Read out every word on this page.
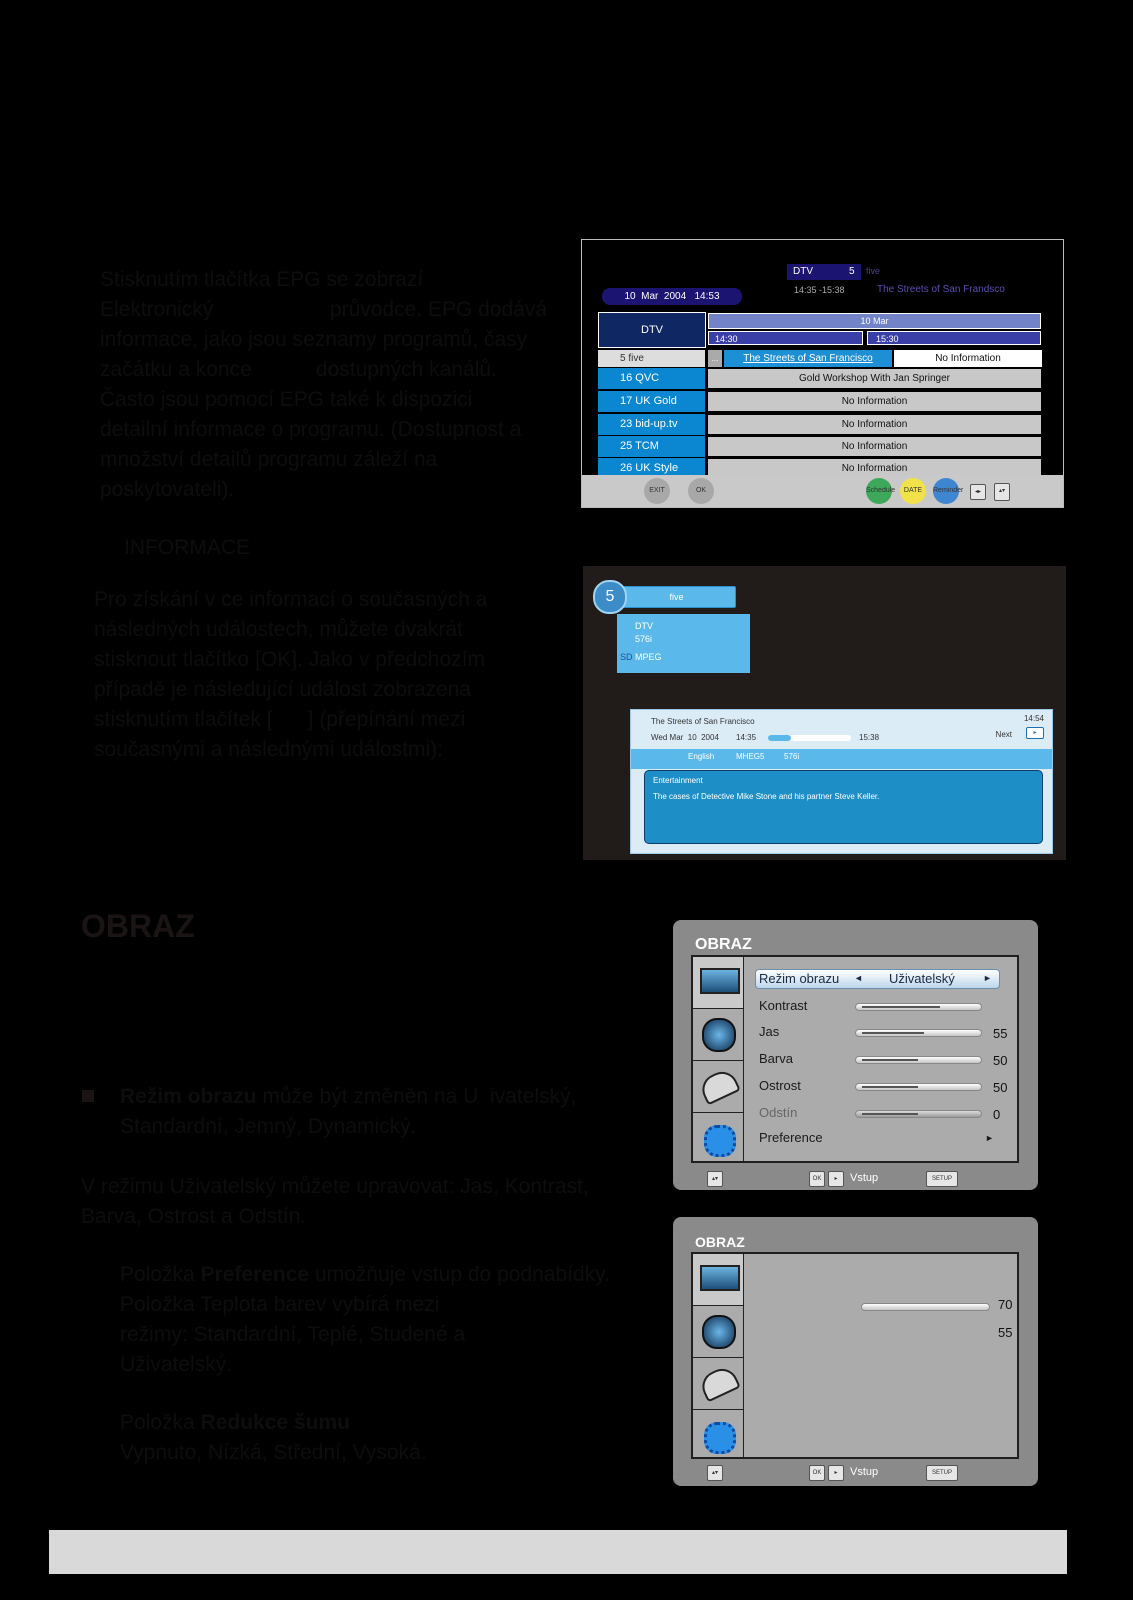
Stisknutím tlačítka EPG se zobrazí
Elektronický                    průvodce. EPG dodává
informace, jako jsou seznamy programů, časy
začátku a konce           dostupných kanálů.
Často jsou pomocí EPG také k dispozici
detailní informace o programu. (Dostupnost a
množství detailů programu záleží na
poskytovateli).
DTV	5 five
14:35 -15:38	The Streets of San Frandsco
10  Mar  2004   14:53
DTV
10 Mar
14:30	15:30
5 five	...	The Streets of San Francisco	No Information
16 QVC	Gold Workshop With Jan Springer
17 UK Gold	No Information
23 bid-up.tv	No Information
25 TCM	No Information
26 UK Style	No Information
EXIT	OK	Schedule	DATE	Reminder	◂▸	▴▾
INFORMACE
Pro získání v ce informací o současných a
následných událostech, můžete dvakrát
stisknout tlačítko [OK]. Jako v předchozím
případě je následující událost zobrazena
stisknutím tlačítek [      ] (přepínání mezi
současnými a následnými událostmi):
five
5
DTV
576i
SD MPEG
The Streets of San Francisco	14:54
Wed Mar  10  2004 14:35	15:38	Next	▸
English	MHEG5 576i
Entertainment
The cases of Detective Mike Stone and his partner Steve Keller.
OBRAZ
Režim obrazu může být změněn na U  ivatelský,
Standardní, Jemný, Dynamický.
V režimu Uživatelský můžete upravovat: Jas, Kontrast,
Barva, Ostrost a Odstín.
Položka Preference umožňuje vstup do podnabídky.
Položka Teplota barev vybírá mezi
režimy: Standardní, Teplé, Studené a
Uživatelský.
Položka Redukce šumu
Vypnuto, Nízká, Střední, Vysoká.
OBRAZ
Režim obrazu ◄ Uživatelský	►
Kontrast
Jas	55
Barva	50
Ostrost	50
Odstín	0
Preference	►
▴▾	OK	▸	Vstup	SETUP
OBRAZ
70
55
▴▾	OK	▸	Vstup	SETUP
